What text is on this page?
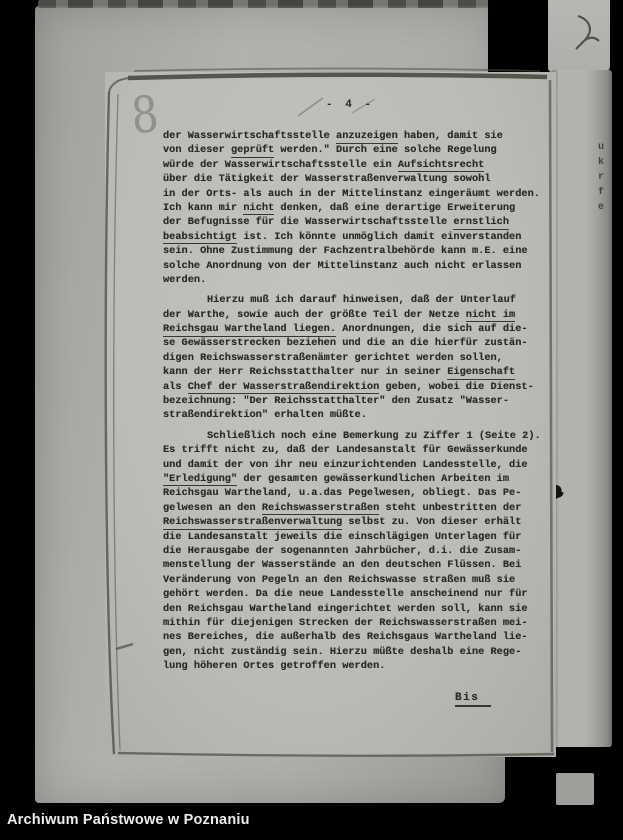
u
k
r
f
e
8	- 4 -
der Wasserwirtschaftsstelle anzuzeigen haben, damit sie
von dieser geprüft werden." Durch eine solche Regelung
würde der Wasserwirtschaftsstelle ein Aufsichtsrecht
über die Tätigkeit der Wasserstraßenverwaltung sowohl
in der Orts- als auch in der Mittelinstanz eingeräumt werden.
Ich kann mir nicht denken, daß eine derartige Erweiterung
der Befugnisse für die Wasserwirtschaftsstelle ernstlich
beabsichtigt ist. Ich könnte unmöglich damit einverstanden
sein. Ohne Zustimmung der Fachzentralbehörde kann m.E. eine
solche Anordnung von der Mittelinstanz auch nicht erlassen
werden.
Hierzu muß ich darauf hinweisen, daß der Unterlauf
der Warthe, sowie auch der größte Teil der Netze nicht im
Reichsgau Wartheland liegen. Anordnungen, die sich auf die-
se Gewässerstrecken beziehen und die an die hierfür zustän-
digen Reichswasserstraßenämter gerichtet werden sollen,
kann der Herr Reichsstatthalter nur in seiner Eigenschaft
als Chef der Wasserstraßendirektion geben, wobei die Dienst-
bezeichnung: "Der Reichsstatthalter" den Zusatz "Wasser-
straßendirektion" erhalten müßte.
Schließlich noch eine Bemerkung zu Ziffer 1 (Seite 2).
Es trifft nicht zu, daß der Landesanstalt für Gewässerkunde
und damit der von ihr neu einzurichtenden Landesstelle, die
"Erledigung" der gesamten gewässerkundlichen Arbeiten im
Reichsgau Wartheland, u.a.das Pegelwesen, obliegt. Das Pe-
gelwesen an den Reichswasserstraßen steht unbestritten der
Reichswasserstraßenverwaltung selbst zu. Von dieser erhält
die Landesanstalt jeweils die einschlägigen Unterlagen für
die Herausgabe der sogenannten Jahrbücher, d.i. die Zusam-
menstellung der Wasserstände an den deutschen Flüssen. Bei
Veränderung von Pegeln an den Reichswasse straßen muß sie
gehört werden. Da die neue Landesstelle anscheinend nur für
den Reichsgau Wartheland eingerichtet werden soll, kann sie
mithin für diejenigen Strecken der Reichswasserstraßen mei-
nes Bereiches, die außerhalb des Reichsgaus Wartheland lie-
gen, nicht zuständig sein. Hierzu müßte deshalb eine Rege-
lung höheren Ortes getroffen werden.
Bis
Archiwum Państwowe w Poznaniu
